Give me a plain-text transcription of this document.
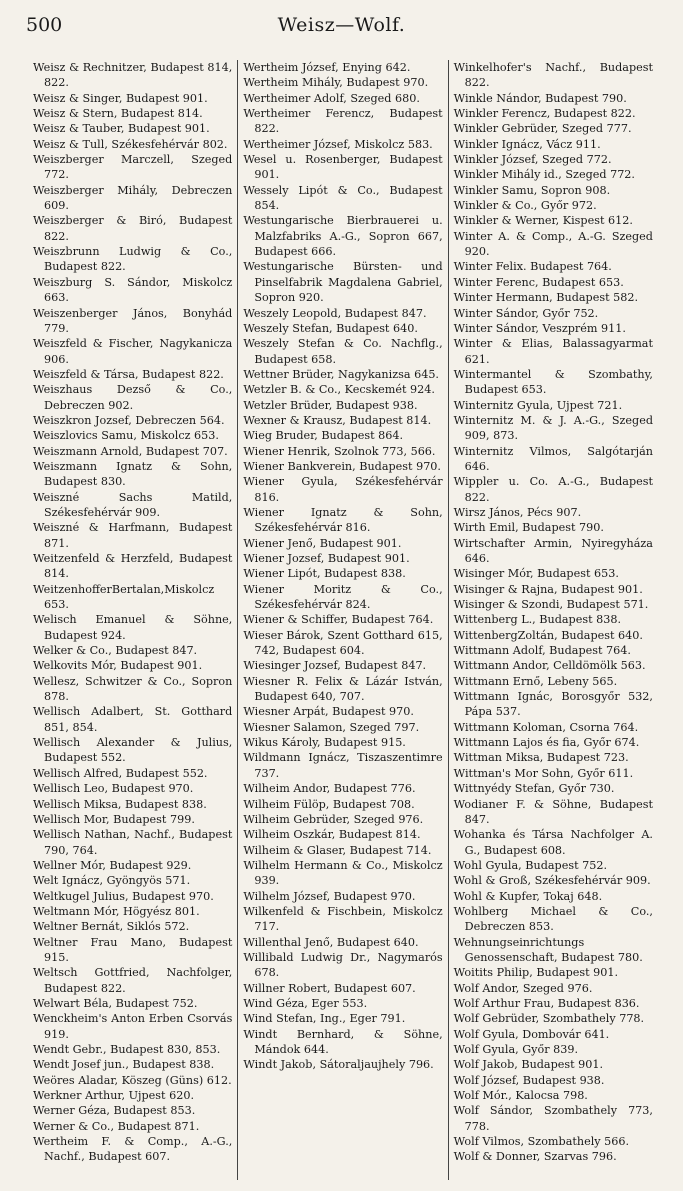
500	Weisz—Wolf.

Weisz & Rechnitzer, Budapest 814, 822.

Weisz & Singer, Budapest 901.

Weisz & Stern, Budapest 814.

Weisz & Tauber, Budapest 901.

Weisz & Tull, Székesfehérvár 802.

Weiszberger Marczell, Szeged 772.

Weiszberger Mihály, Debreczen 609.

Weiszberger & Biró, Budapest 822.

Weiszbrunn Ludwig & Co., Budapest 822.

Weiszburg S. Sándor, Miskolcz 663.

Weiszenberger János, Bonyhád 779.

Weiszfeld & Fischer, Nagykanicza 906.

Weiszfeld & Társa, Budapest 822.

Weiszhaus Dezső & Co., Debreczen 902.

Weiszkron Jozsef, Debreczen 564.

Weiszlovics Samu, Miskolcz 653.

Weiszmann Arnold, Budapest 707.

Weiszmann Ignatz & Sohn, Budapest 830.

Weiszné Sachs Matild, Székesfehérvár 909.

Weiszné & Harfmann, Budapest 871.

Weitzenfeld & Herzfeld, Budapest 814.

WeitzenhofferBertalan,Miskolcz 653.

Welisch Emanuel & Söhne, Budapest 924.

Welker & Co., Budapest 847.

Welkovits Mór, Budapest 901.

Wellesz, Schwitzer & Co., Sopron 878.

Wellisch Adalbert, St. Gotthard 851, 854.

Wellisch Alexander & Julius, Budapest 552.

Wellisch Alfred, Budapest 552.

Wellisch Leo, Budapest 970.

Wellisch Miksa, Budapest 838.

Wellisch Mor, Budapest 799.

Wellisch Nathan, Nachf., Budapest 790, 764.

Wellner Mór, Budapest 929.

Welt Ignácz, Gyöngyös 571.

Weltkugel Julius, Budapest 970.

Weltmann Mór, Högyész 801.

Weltner Bernát, Siklós 572.

Weltner Frau Mano, Budapest 915.

Weltsch Gottfried, Nachfolger, Budapest 822.

Welwart Béla, Budapest 752.

Wenckheim's Anton Erben Csorvás 919.

Wendt Gebr., Budapest 830, 853.

Wendt Josef jun., Budapest 838.

Weöres Aladar, Köszeg (Güns) 612.

Werkner Arthur, Ujpest 620.

Werner Géza, Budapest 853.

Werner & Co., Budapest 871.

Wertheim F. & Comp., A.-G., Nachf., Budapest 607.

Wertheim József, Enying 642.

Wertheim Mihály, Budapest 970.

Wertheimer Adolf, Szeged 680.

Wertheimer Ferencz, Budapest 822.

Wertheimer József, Miskolcz 583.

Wesel u. Rosenberger, Budapest 901.

Wessely Lipót & Co., Budapest 854.

Westungarische Bierbrauerei u. Malzfabriks A.-G., Sopron 667, Budapest 666.

Westungarische Bürsten- und Pinselfabrik Magdalena Gabriel, Sopron 920.

Weszely Leopold, Budapest 847.

Weszely Stefan, Budapest 640.

Weszely Stefan & Co. Nachflg., Budapest 658.

Wettner Brüder, Nagykanizsa 645.

Wetzler B. & Co., Kecskemét 924.

Wetzler Brüder, Budapest 938.

Wexner & Krausz, Budapest 814.

Wieg Bruder, Budapest 864.

Wiener Henrik, Szolnok 773, 566.

Wiener Bankverein, Budapest 970.

Wiener Gyula, Székesfehérvár 816.

Wiener Ignatz & Sohn, Székesfehérvár 816.

Wiener Jenő, Budapest 901.

Wiener Jozsef, Budapest 901.

Wiener Lipót, Budapest 838.

Wiener Moritz & Co., Székesfehérvár 824.

Wiener & Schiffer, Budapest 764.

Wieser Bárok, Szent Gotthard 615, 742, Budapest 604.

Wiesinger Jozsef, Budapest 847.

Wiesner R. Felix & Lázár István, Budapest 640, 707.

Wiesner Arpát, Budapest 970.

Wiesner Salamon, Szeged 797.

Wikus Károly, Budapest 915.

Wildmann Ignácz, Tiszaszentimre 737.

Wilheim Andor, Budapest 776.

Wilheim Fülöp, Budapest 708.

Wilheim Gebrüder, Szeged 976.

Wilheim Oszkár, Budapest 814.

Wilheim & Glaser, Budapest 714.

Wilhelm Hermann & Co., Miskolcz 939.

Wilhelm József, Budapest 970.

Wilkenfeld & Fischbein, Miskolcz 717.

Willenthal Jenő, Budapest 640.

Willibald Ludwig Dr., Nagymarós 678.

Willner Robert, Budapest 607.

Wind Géza, Eger 553.

Wind Stefan, Ing., Eger 791.

Windt Bernhard, & Söhne, Mándok 644.

Windt Jakob, Sátoraljaujhely 796.

Winkelhofer's Nachf., Budapest 822.

Winkle Nándor, Budapest 790.

Winkler Ferencz, Budapest 822.

Winkler Gebrüder, Szeged 777.

Winkler Ignácz, Vácz 911.

Winkler József, Szeged 772.

Winkler Mihály id., Szeged 772.

Winkler Samu, Sopron 908.

Winkler & Co., Győr 972.

Winkler & Werner, Kispest 612.

Winter A. & Comp., A.-G. Szeged 920.

Winter Felix. Budapest 764.

Winter Ferenc, Budapest 653.

Winter Hermann, Budapest 582.

Winter Sándor, Győr 752.

Winter Sándor, Veszprém 911.

Winter & Elias, Balassagyarmat 621.

Wintermantel & Szombathy, Budapest 653.

Winternitz Gyula, Ujpest 721.

Winternitz M. & J. A.-G., Szeged 909, 873.

Winternitz Vilmos, Salgótarján 646.

Wippler u. Co. A.-G., Budapest 822.

Wirsz János, Pécs 907.

Wirth Emil, Budapest 790.

Wirtschafter Armin, Nyiregyháza 646.

Wisinger Mór, Budapest 653.

Wisinger & Rajna, Budapest 901.

Wisinger & Szondi, Budapest 571.

Wittenberg L., Budapest 838.

WittenbergZoltán, Budapest 640.

Wittmann Adolf, Budapest 764.

Wittmann Andor, Celldömölk 563.

Wittmann Ernő, Lebeny 565.

Wittmann Ignác, Borosgyőr 532, Pápa 537.

Wittmann Koloman, Csorna 764.

Wittmann Lajos és fia, Győr 674.

Wittman Miksa, Budapest 723.

Wittman's Mor Sohn, Győr 611.

Wittnyédy Stefan, Győr 730.

Wodianer F. & Söhne, Budapest 847.

Wohanka és Társa Nachfolger A. G., Budapest 608.

Wohl Gyula, Budapest 752.

Wohl & Groß, Székesfehérvár 909.

Wohl & Kupfer, Tokaj 648.

Wohlberg Michael & Co., Debreczen 853.

Wehnungseinrichtungs Genossenschaft, Budapest 780.

Woitits Philip, Budapest 901.

Wolf Andor, Szeged 976.

Wolf Arthur Frau, Budapest 836.

Wolf Gebrüder, Szombathely 778.

Wolf Gyula, Dombovár 641.

Wolf Gyula, Győr 839.

Wolf Jakob, Budapest 901.

Wolf József, Budapest 938.

Wolf Mór., Kalocsa 798.

Wolf Sándor, Szombathely 773, 778.

Wolf Vilmos, Szombathely 566.

Wolf & Donner, Szarvas 796.
